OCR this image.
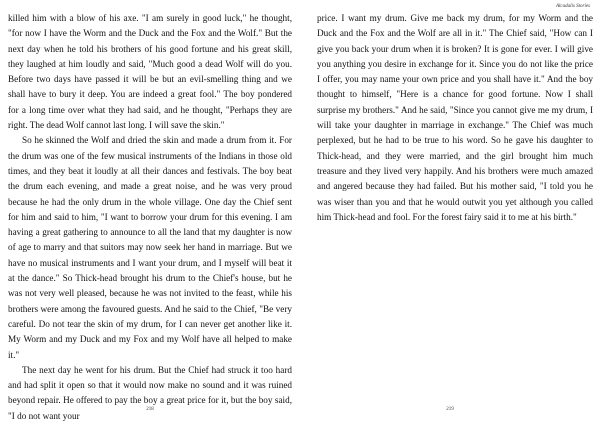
killed him with a blow of his axe. "I am surely in good luck," he thought, "for now I have the Worm and the Duck and the Fox and the Wolf." But the next day when he told his brothers of his good fortune and his great skill, they laughed at him loudly and said, "Much good a dead Wolf will do you. Before two days have passed it will be but an evil-smelling thing and we shall have to bury it deep. You are indeed a great fool." The boy pondered for a long time over what they had said, and he thought, "Perhaps they are right. The dead Wolf cannot last long. I will save the skin."

So he skinned the Wolf and dried the skin and made a drum from it. For the drum was one of the few musical instruments of the Indians in those old times, and they beat it loudly at all their dances and festivals. The boy beat the drum each evening, and made a great noise, and he was very proud because he had the only drum in the whole village. One day the Chief sent for him and said to him, "I want to borrow your drum for this evening. I am having a great gathering to announce to all the land that my daughter is now of age to marry and that suitors may now seek her hand in marriage. But we have no musical instruments and I want your drum, and I myself will beat it at the dance." So Thick-head brought his drum to the Chief's house, but he was not very well pleased, because he was not invited to the feast, while his brothers were among the favoured guests. And he said to the Chief, "Be very careful. Do not tear the skin of my drum, for I can never get another like it. My Worm and my Duck and my Fox and my Wolf have all helped to make it."

The next day he went for his drum. But the Chief had struck it too hard and had split it open so that it would now make no sound and it was ruined beyond repair. He offered to pay the boy a great price for it, but the boy said, "I do not want your

218
Alcadalis Stories

price. I want my drum. Give me back my drum, for my Worm and the Duck and the Fox and the Wolf are all in it." The Chief said, "How can I give you back your drum when it is broken? It is gone for ever. I will give you anything you desire in exchange for it. Since you do not like the price I offer, you may name your own price and you shall have it." And the boy thought to himself, "Here is a chance for good fortune. Now I shall surprise my brothers." And he said, "Since you cannot give me my drum, I will take your daughter in marriage in exchange." The Chief was much perplexed, but he had to be true to his word. So he gave his daughter to Thick-head, and they were married, and the girl brought him much treasure and they lived very happily. And his brothers were much amazed and angered because they had failed. But his mother said, "I told you he was wiser than you and that he would outwit you yet although you called him Thick-head and fool. For the forest fairy said it to me at his birth."

219
